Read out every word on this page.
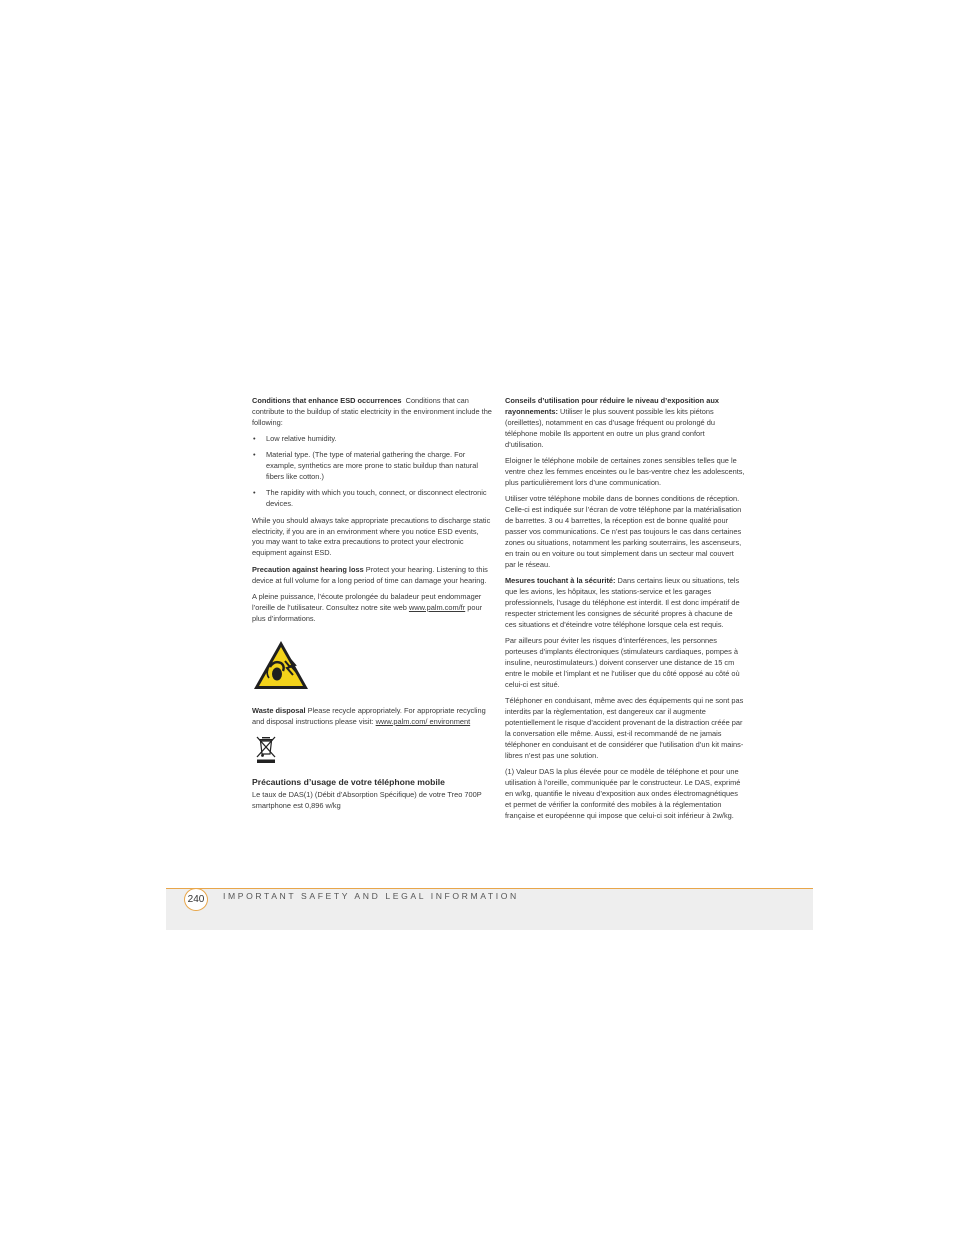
Conditions that enhance ESD occurrences Conditions that can contribute to the buildup of static electricity in the environment include the following:

• Low relative humidity.
• Material type. (The type of material gathering the charge. For example, synthetics are more prone to static buildup than natural fibers like cotton.)
• The rapidity with which you touch, connect, or disconnect electronic devices.

While you should always take appropriate precautions to discharge static electricity, if you are in an environment where you notice ESD events, you may want to take extra precautions to protect your electronic equipment against ESD.

Precaution against hearing loss Protect your hearing. Listening to this device at full volume for a long period of time can damage your hearing.

A pleine puissance, l’écoute prolongée du baladeur peut endommager l’oreille de l’utilisateur. Consultez notre site web www.palm.com/fr pour plus d’informations.

Waste disposal Please recycle appropriately. For appropriate recycling and disposal instructions please visit: www.palm.com/ environment

Précautions d’usage de votre téléphone mobile

Le taux de DAS(1) (Débit d’Absorption Spécifique) de votre Treo 700P smartphone est 0,896 w/kg

Conseils d’utilisation pour réduire le niveau d’exposition aux rayonnements: Utiliser le plus souvent possible les kits piétons (oreillettes), notamment en cas d’usage fréquent ou prolongé du téléphone mobile Ils apportent en outre un plus grand confort d’utilisation.

Eloigner le téléphone mobile de certaines zones sensibles telles que le ventre chez les femmes enceintes ou le bas-ventre chez les adolescents, plus particulièrement lors d’une communication.

Utiliser votre téléphone mobile dans de bonnes conditions de réception. Celle-ci est indiquée sur l’écran de votre téléphone par la matérialisation de barrettes. 3 ou 4 barrettes, la réception est de bonne qualité pour passer vos communications. Ce n’est pas toujours le cas dans certaines zones ou situations, notamment les parking souterrains, les ascenseurs, en train ou en voiture ou tout simplement dans un secteur mal couvert par le réseau.

Mesures touchant à la sécurité: Dans certains lieux ou situations, tels que les avions, les hôpitaux, les stations-service et les garages professionnels, l’usage du téléphone est interdit. Il est donc impératif de respecter strictement les consignes de sécurité propres à chacune de ces situations et d’éteindre votre téléphone lorsque cela est requis.

Par ailleurs pour éviter les risques d’interférences, les personnes porteuses d’implants électroniques (stimulateurs cardiaques, pompes à insuline, neurostimulateurs.) doivent conserver une distance de 15 cm entre le mobile et l’implant et ne l’utiliser que du côté opposé au côté où celui-ci est situé.

Téléphoner en conduisant, même avec des équipements qui ne sont pas interdits par la règlementation, est dangereux car il augmente potentiellement le risque d’accident provenant de la distraction créée par la conversation elle même. Aussi, est-il recommandé de ne jamais téléphoner en conduisant et de considérer que l’utilisation d’un kit mains-libres n’est pas une solution.

(1) Valeur DAS la plus élevée pour ce modèle de téléphone et pour une utilisation à l’oreille, communiquée par le constructeur. Le DAS, exprimé en w/kg, quantifie le niveau d’exposition aux ondes électromagnétiques et permet de vérifier la conformité des mobiles à la réglementation française et européenne qui impose que celui-ci soit inférieur à 2w/kg.

240	IMPORTANT SAFETY AND LEGAL INFORMATION
